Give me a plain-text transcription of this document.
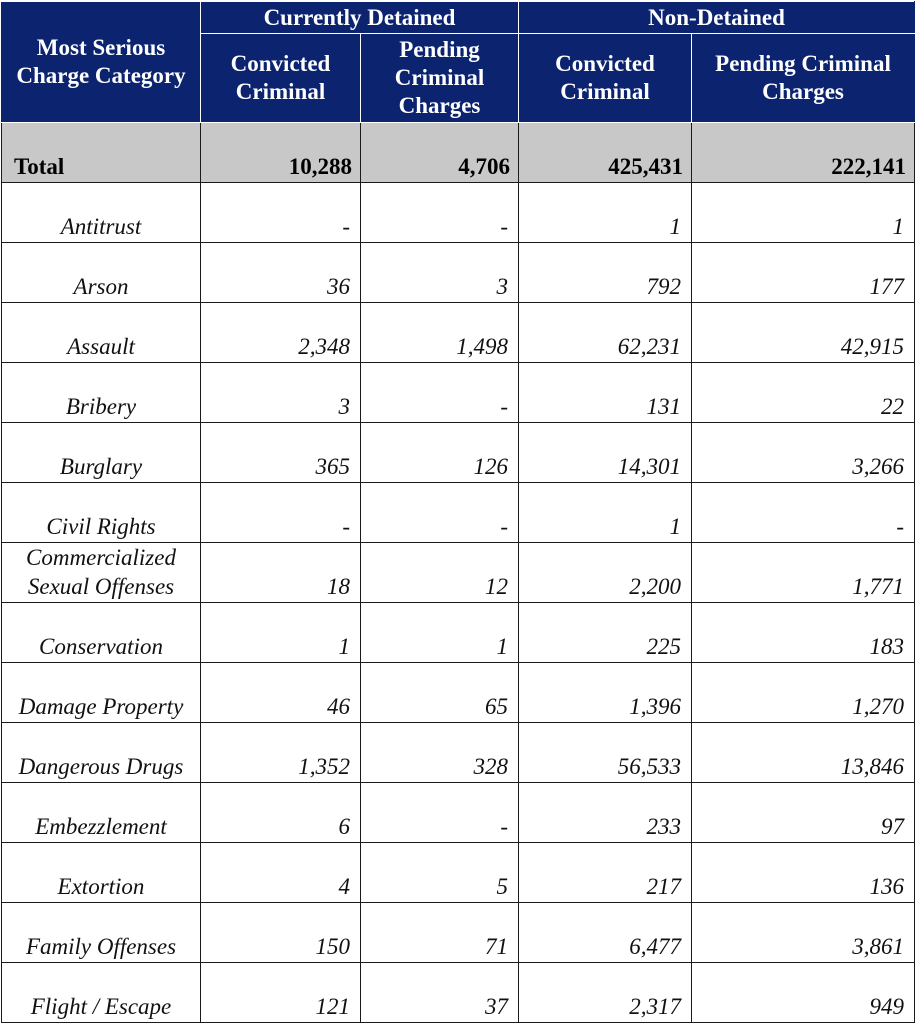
Most Serious Charge Category	Currently Detained		Non-Detained	
	Convicted Criminal	Pending Criminal Charges	Convicted Criminal	Pending Criminal Charges
Total	10,288	4,706	425,431	222,141
Antitrust	-	-	1	1
Arson	36	3	792	177
Assault	2,348	1,498	62,231	42,915
Bribery	3	-	131	22
Burglary	365	126	14,301	3,266
Civil Rights	-	-	1	-
Commercialized Sexual Offenses	18	12	2,200	1,771
Conservation	1	1	225	183
Damage Property	46	65	1,396	1,270
Dangerous Drugs	1,352	328	56,533	13,846
Embezzlement	6	-	233	97
Extortion	4	5	217	136
Family Offenses	150	71	6,477	3,861
Flight / Escape	121	37	2,317	949
